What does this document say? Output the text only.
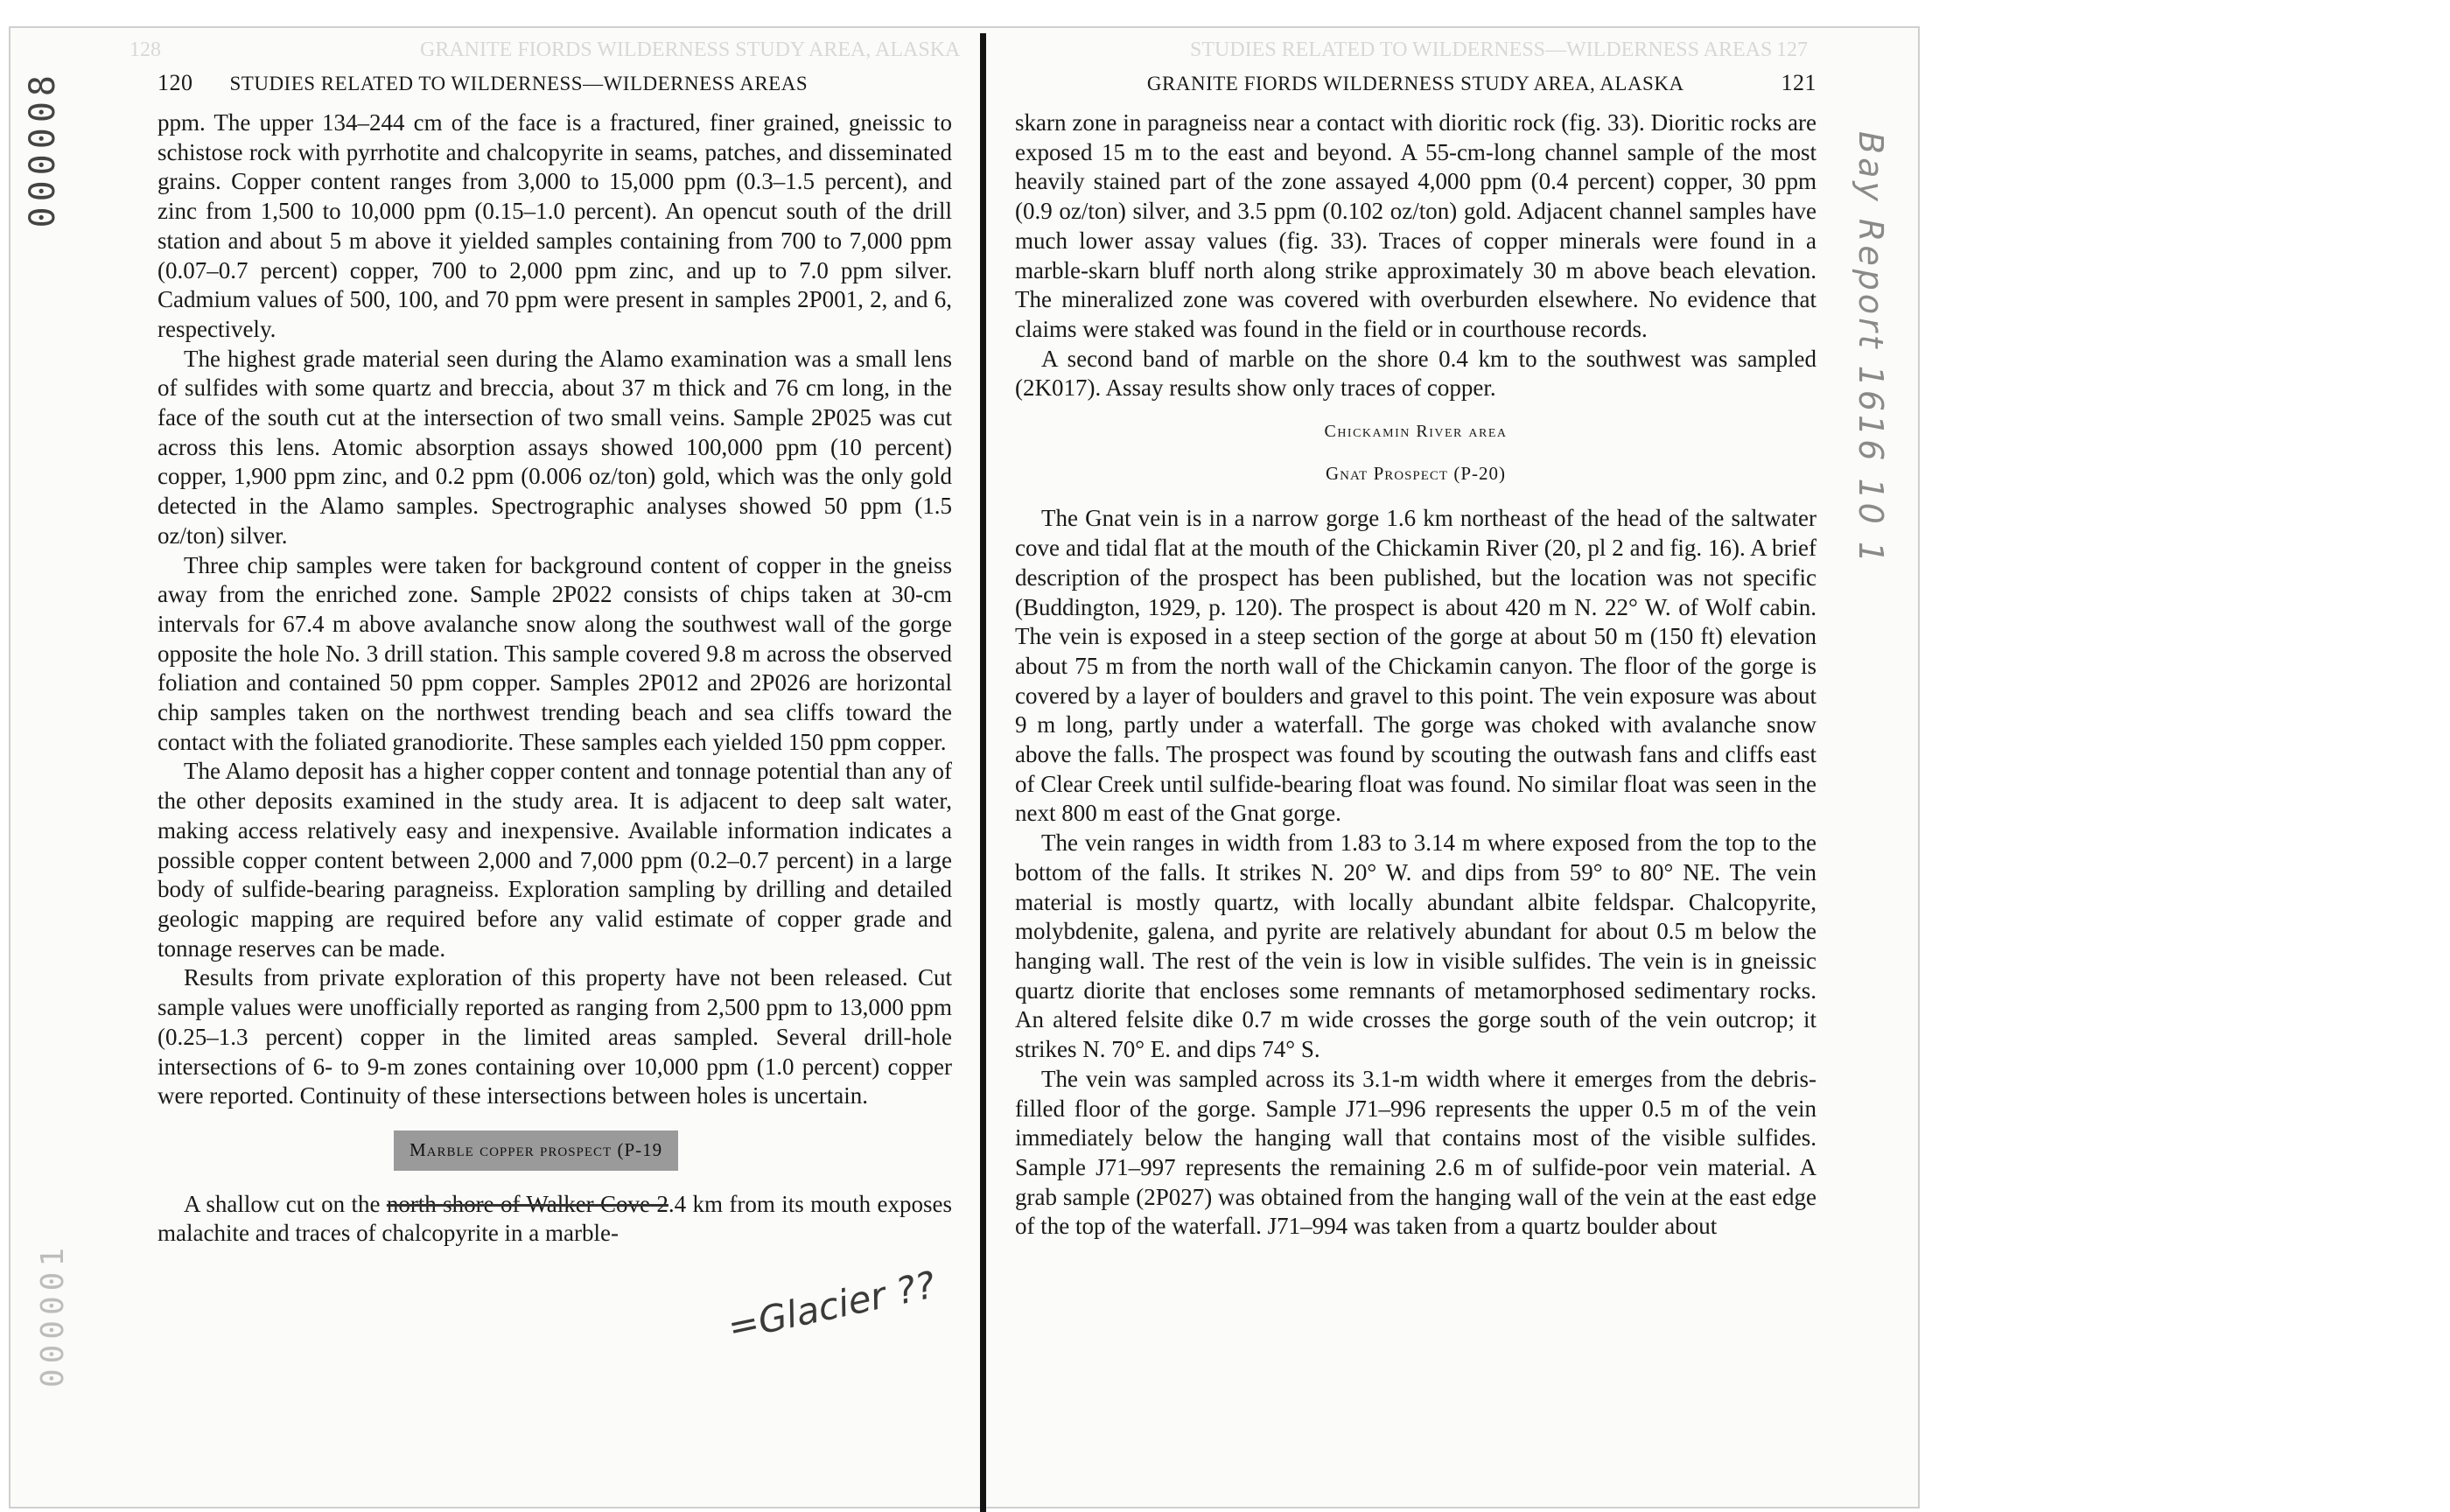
128	GRANITE FIORDS WILDERNESS STUDY AREA, ALASKA	STUDIES RELATED TO WILDERNESS—WILDERNESS AREAS 127
000008
000001
120 STUDIES RELATED TO WILDERNESS—WILDERNESS AREAS

ppm. The upper 134–244 cm of the face is a fractured, finer grained, gneissic to schistose rock with pyrrhotite and chalcopyrite in seams, patches, and disseminated grains. Copper content ranges from 3,000 to 15,000 ppm (0.3–1.5 percent), and zinc from 1,500 to 10,000 ppm (0.15–1.0 percent). An opencut south of the drill station and about 5 m above it yielded samples containing from 700 to 7,000 ppm (0.07–0.7 percent) copper, 700 to 2,000 ppm zinc, and up to 7.0 ppm silver. Cadmium values of 500, 100, and 70 ppm were present in samples 2P001, 2, and 6, respectively.

The highest grade material seen during the Alamo examination was a small lens of sulfides with some quartz and breccia, about 37 m thick and 76 cm long, in the face of the south cut at the intersection of two small veins. Sample 2P025 was cut across this lens. Atomic absorption assays showed 100,000 ppm (10 percent) copper, 1,900 ppm zinc, and 0.2 ppm (0.006 oz/ton) gold, which was the only gold detected in the Alamo samples. Spectrographic analyses showed 50 ppm (1.5 oz/ton) silver.

Three chip samples were taken for background content of copper in the gneiss away from the enriched zone. Sample 2P022 consists of chips taken at 30-cm intervals for 67.4 m above avalanche snow along the southwest wall of the gorge opposite the hole No. 3 drill station. This sample covered 9.8 m across the observed foliation and contained 50 ppm copper. Samples 2P012 and 2P026 are horizontal chip samples taken on the northwest trending beach and sea cliffs toward the contact with the foliated granodiorite. These samples each yielded 150 ppm copper.

The Alamo deposit has a higher copper content and tonnage potential than any of the other deposits examined in the study area. It is adjacent to deep salt water, making access relatively easy and inexpensive. Available information indicates a possible copper content between 2,000 and 7,000 ppm (0.2–0.7 percent) in a large body of sulfide-bearing paragneiss. Exploration sampling by drilling and detailed geologic mapping are required before any valid estimate of copper grade and tonnage reserves can be made.

Results from private exploration of this property have not been released. Cut sample values were unofficially reported as ranging from 2,500 ppm to 13,000 ppm (0.25–1.3 percent) copper in the limited areas sampled. Several drill-hole intersections of 6- to 9-m zones containing over 10,000 ppm (1.0 percent) copper were reported. Continuity of these intersections between holes is uncertain.

Marble copper prospect (P-19

A shallow cut on the north shore of Walker Cove 2.4 km from its mouth exposes malachite and traces of chalcopyrite in a marble-

=Glacier ??
GRANITE FIORDS WILDERNESS STUDY AREA, ALASKA	121

skarn zone in paragneiss near a contact with dioritic rock (fig. 33). Dioritic rocks are exposed 15 m to the east and beyond. A 55-cm-long channel sample of the most heavily stained part of the zone assayed 4,000 ppm (0.4 percent) copper, 30 ppm (0.9 oz/ton) silver, and 3.5 ppm (0.102 oz/ton) gold. Adjacent channel samples have much lower assay values (fig. 33). Traces of copper minerals were found in a marble-skarn bluff north along strike approximately 30 m above beach elevation. The mineralized zone was covered with overburden elsewhere. No evidence that claims were staked was found in the field or in courthouse records.

A second band of marble on the shore 0.4 km to the southwest was sampled (2K017). Assay results show only traces of copper.

Chickamin River area
Gnat Prospect (P-20)

The Gnat vein is in a narrow gorge 1.6 km northeast of the head of the saltwater cove and tidal flat at the mouth of the Chickamin River (20, pl 2 and fig. 16). A brief description of the prospect has been published, but the location was not specific (Buddington, 1929, p. 120). The prospect is about 420 m N. 22° W. of Wolf cabin. The vein is exposed in a steep section of the gorge at about 50 m (150 ft) elevation about 75 m from the north wall of the Chickamin canyon. The floor of the gorge is covered by a layer of boulders and gravel to this point. The vein exposure was about 9 m long, partly under a waterfall. The gorge was choked with avalanche snow above the falls. The prospect was found by scouting the outwash fans and cliffs east of Clear Creek until sulfide-bearing float was found. No similar float was seen in the next 800 m east of the Gnat gorge.

The vein ranges in width from 1.83 to 3.14 m where exposed from the top to the bottom of the falls. It strikes N. 20° W. and dips from 59° to 80° NE. The vein material is mostly quartz, with locally abundant albite feldspar. Chalcopyrite, molybdenite, galena, and pyrite are relatively abundant for about 0.5 m below the hanging wall. The rest of the vein is low in visible sulfides. The vein is in gneissic quartz diorite that encloses some remnants of metamorphosed sedimentary rocks. An altered felsite dike 0.7 m wide crosses the gorge south of the vein outcrop; it strikes N. 70° E. and dips 74° S.

The vein was sampled across its 3.1-m width where it emerges from the debris-filled floor of the gorge. Sample J71–996 represents the upper 0.5 m of the vein immediately below the hanging wall that contains most of the visible sulfides. Sample J71–997 represents the remaining 2.6 m of sulfide-poor vein material. A grab sample (2P027) was obtained from the hanging wall of the vein at the east edge of the top of the waterfall. J71–994 was taken from a quartz boulder about

Bay Report 1616 10 1
